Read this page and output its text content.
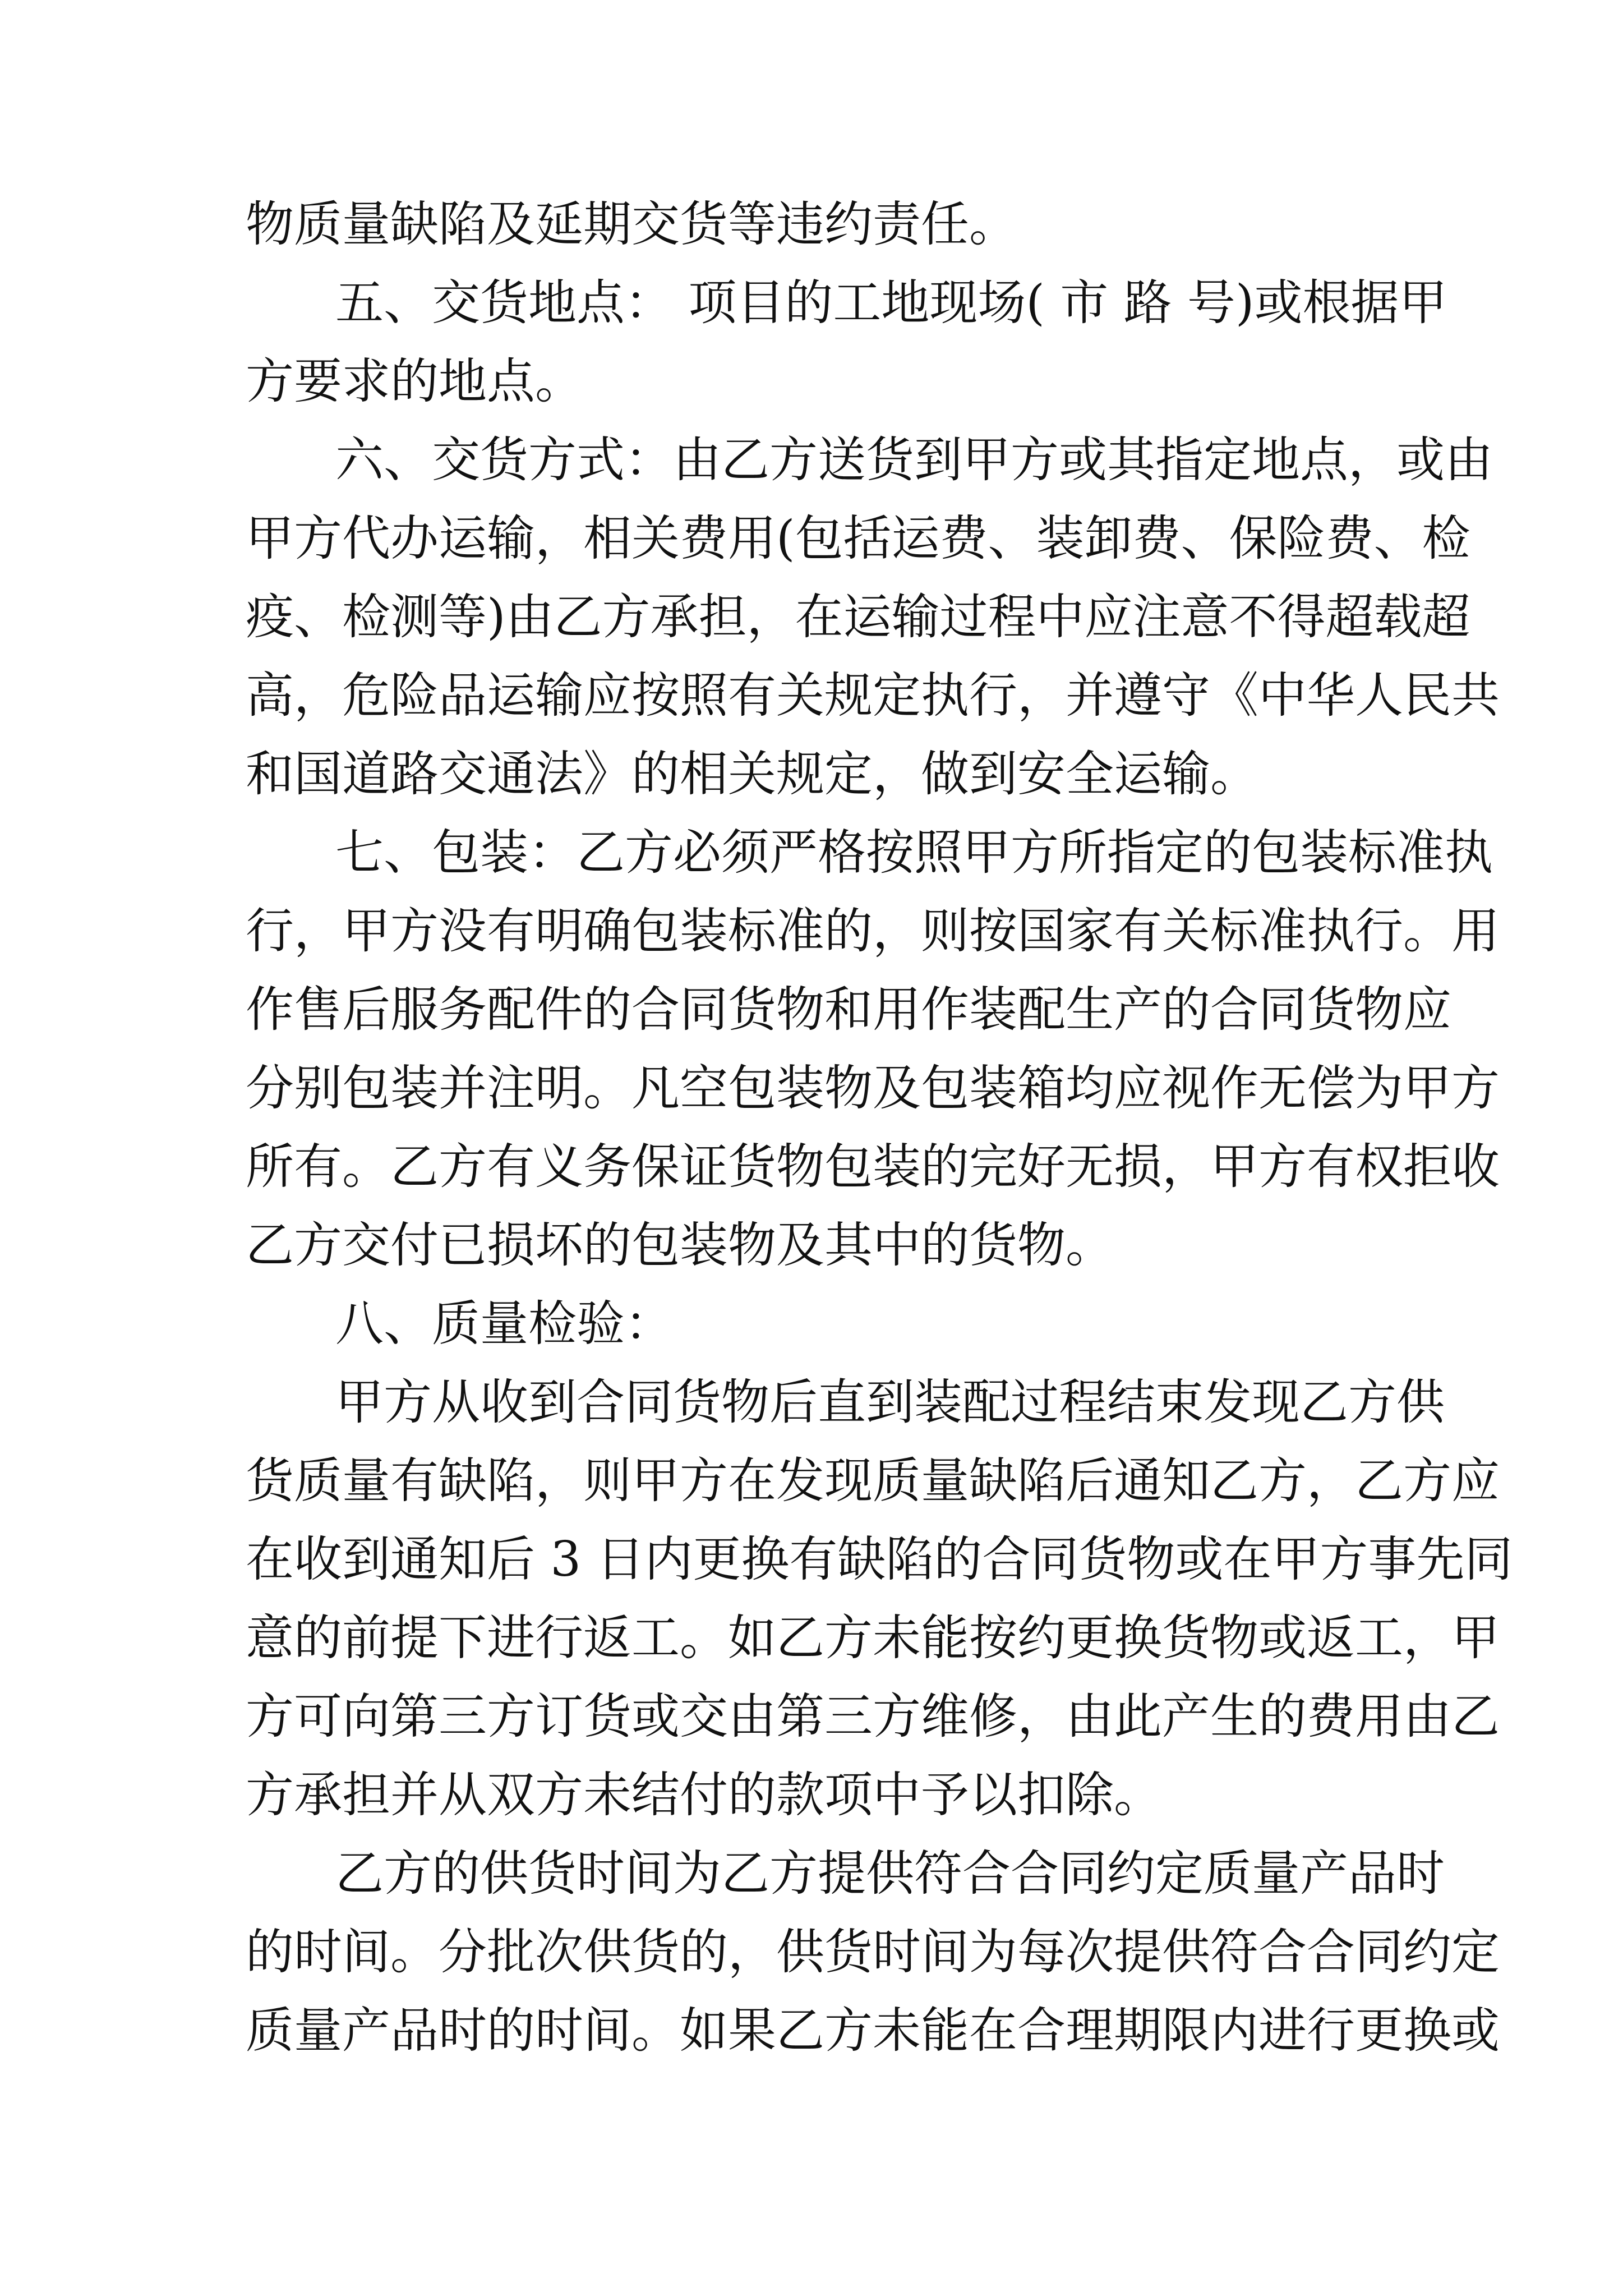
物质量缺陷及延期交货等违约责任。
五、交货地点： 项目的工地现场( 市 路 号)或根据甲
方要求的地点。
六、交货方式：由乙方送货到甲方或其指定地点，或由
甲方代办运输，相关费用(包括运费、装卸费、保险费、检
疫、检测等)由乙方承担，在运输过程中应注意不得超载超
高，危险品运输应按照有关规定执行，并遵守《中华人民共
和国道路交通法》的相关规定，做到安全运输。
七、包装：乙方必须严格按照甲方所指定的包装标准执
行，甲方没有明确包装标准的，则按国家有关标准执行。用
作售后服务配件的合同货物和用作装配生产的合同货物应
分别包装并注明。凡空包装物及包装箱均应视作无偿为甲方
所有。乙方有义务保证货物包装的完好无损，甲方有权拒收
乙方交付已损坏的包装物及其中的货物。
八、质量检验：
甲方从收到合同货物后直到装配过程结束发现乙方供
货质量有缺陷，则甲方在发现质量缺陷后通知乙方，乙方应
在收到通知后 3 日内更换有缺陷的合同货物或在甲方事先同
意的前提下进行返工。如乙方未能按约更换货物或返工，甲
方可向第三方订货或交由第三方维修，由此产生的费用由乙
方承担并从双方未结付的款项中予以扣除。
乙方的供货时间为乙方提供符合合同约定质量产品时
的时间。分批次供货的，供货时间为每次提供符合合同约定
质量产品时的时间。如果乙方未能在合理期限内进行更换或
